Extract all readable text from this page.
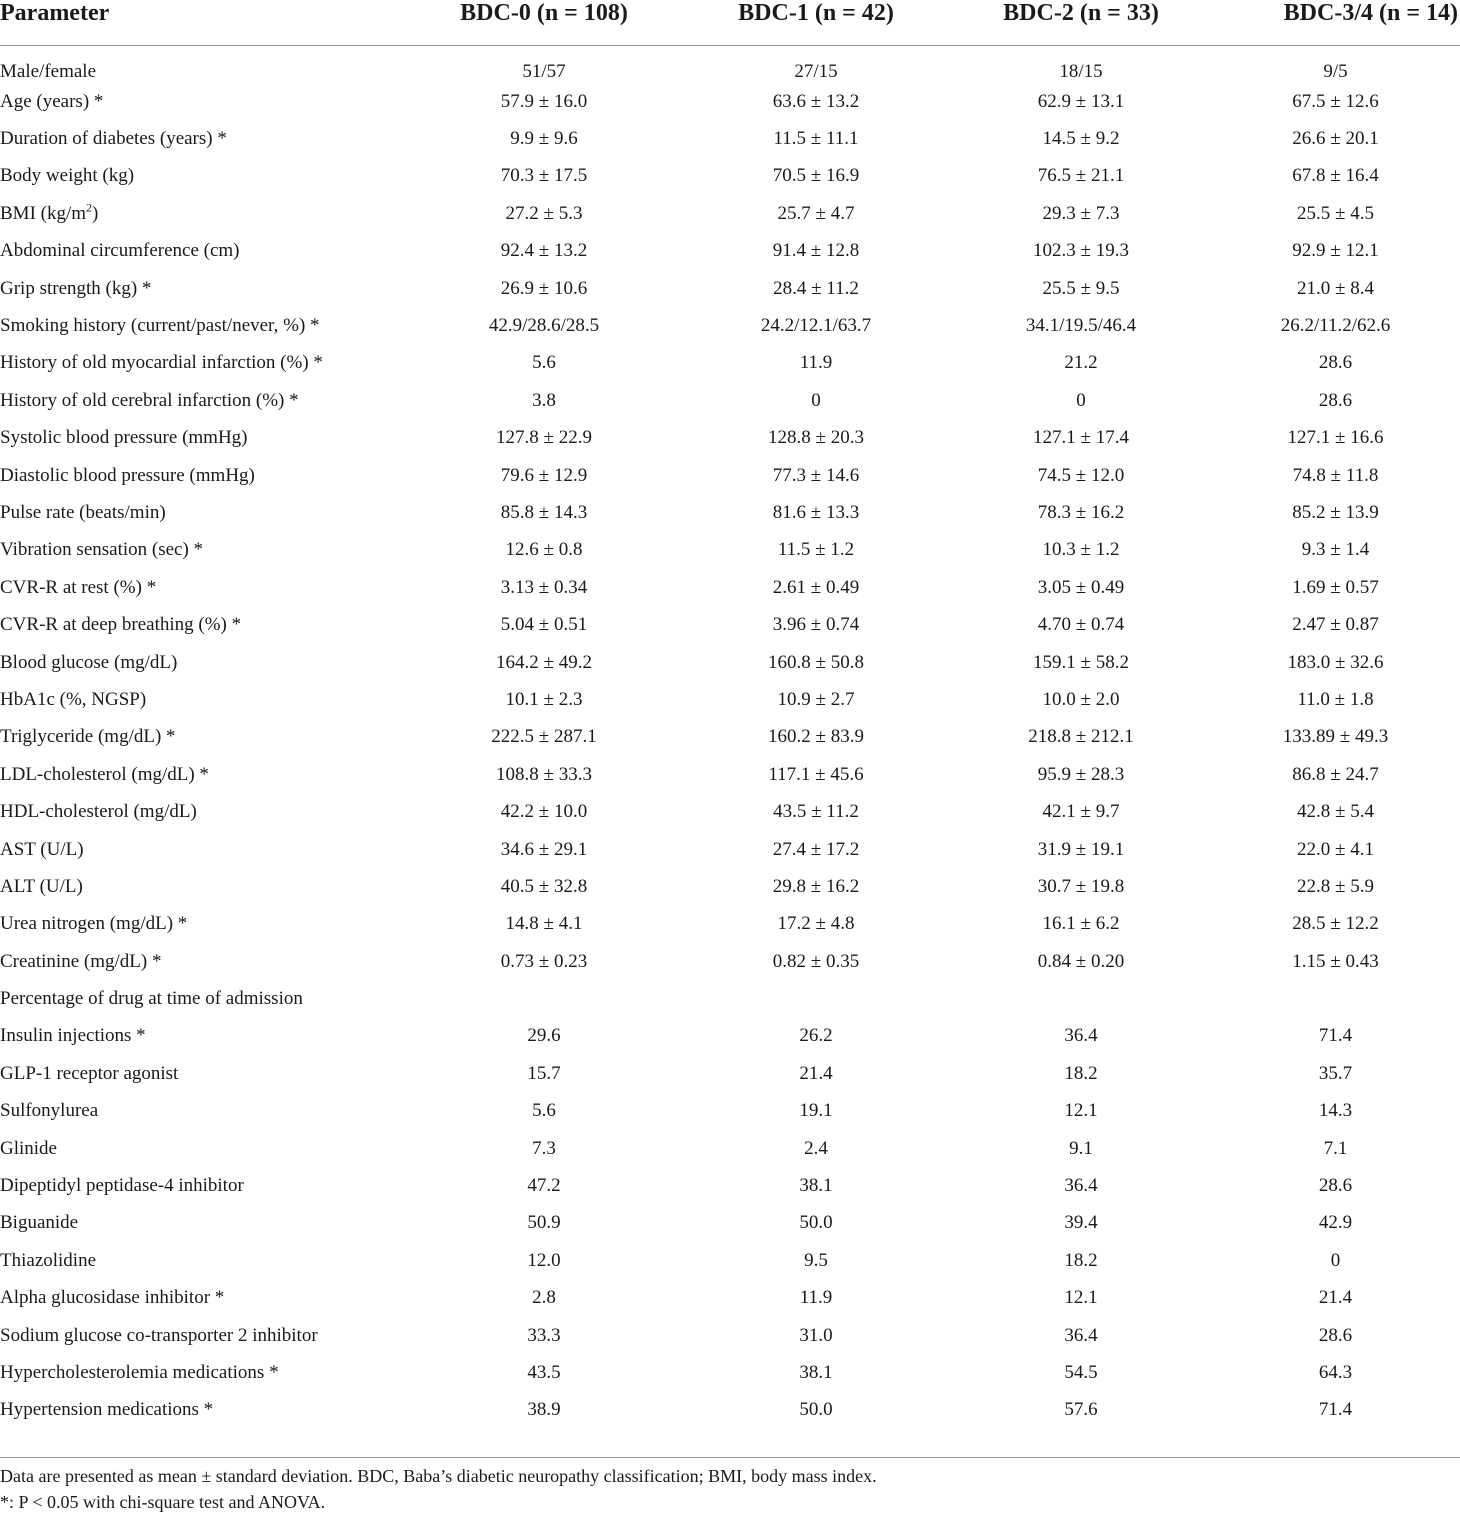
Parameter	BDC-0 (n = 108)	BDC-1 (n = 42)	BDC-2 (n = 33)	BDC-3/4 (n = 14)
Male/female	51/57	27/15	18/15	9/5
Age (years) *	57.9 ± 16.0	63.6 ± 13.2	62.9 ± 13.1	67.5 ± 12.6
Duration of diabetes (years) *	9.9 ± 9.6	11.5 ± 11.1	14.5 ± 9.2	26.6 ± 20.1
Body weight (kg)	70.3 ± 17.5	70.5 ± 16.9	76.5 ± 21.1	67.8 ± 16.4
BMI $(kg/m^2)$	27.2 ± 5.3	25.7 ± 4.7	29.3 ± 7.3	25.5 ± 4.5
Abdominal circumference (cm)	92.4 ± 13.2	91.4 ± 12.8	102.3 ± 19.3	92.9 ± 12.1
Grip strength (kg) *	26.9 ± 10.6	28.4 ± 11.2	25.5 ± 9.5	21.0 ± 8.4
Smoking history (current/past/never, %) *	42.9/28.6/28.5	24.2/12.1/63.7	34.1/19.5/46.4	26.2/11.2/62.6
History of old myocardial infarction (%) *	5.6	11.9	21.2	28.6
History of old cerebral infarction (%) *	3.8	0	0	28.6
Systolic blood pressure (mmHg)	127.8 ± 22.9	128.8 ± 20.3	127.1 ± 17.4	127.1 ± 16.6
Diastolic blood pressure (mmHg)	79.6 ± 12.9	77.3 ± 14.6	74.5 ± 12.0	74.8 ± 11.8
Pulse rate (beats/min)	85.8 ± 14.3	81.6 ± 13.3	78.3 ± 16.2	85.2 ± 13.9
Vibration sensation (sec) *	12.6 ± 0.8	11.5 ± 1.2	10.3 ± 1.2	9.3 ± 1.4
CVR-R at rest (%) *	3.13 ± 0.34	2.61 ± 0.49	3.05 ± 0.49	1.69 ± 0.57
CVR-R at deep breathing (%) *	5.04 ± 0.51	3.96 ± 0.74	4.70 ± 0.74	2.47 ± 0.87
Blood glucose (mg/dL)	164.2 ± 49.2	160.8 ± 50.8	159.1 ± 58.2	183.0 ± 32.6
HbA1c (%, NGSP)	10.1 ± 2.3	10.9 ± 2.7	10.0 ± 2.0	11.0 ± 1.8
Triglyceride (mg/dL) *	222.5 ± 287.1	160.2 ± 83.9	218.8 ± 212.1	133.89 ± 49.3
LDL-cholesterol (mg/dL) *	108.8 ± 33.3	117.1 ± 45.6	95.9 ± 28.3	86.8 ± 24.7
HDL-cholesterol (mg/dL)	42.2 ± 10.0	43.5 ± 11.2	42.1 ± 9.7	42.8 ± 5.4
AST (U/L)	34.6 ± 29.1	27.4 ± 17.2	31.9 ± 19.1	22.0 ± 4.1
ALT (U/L)	40.5 ± 32.8	29.8 ± 16.2	30.7 ± 19.8	22.8 ± 5.9
Urea nitrogen (mg/dL) *	14.8 ± 4.1	17.2 ± 4.8	16.1 ± 6.2	28.5 ± 12.2
Creatinine (mg/dL) *	0.73 ± 0.23	0.82 ± 0.35	0.84 ± 0.20	1.15 ± 0.43
Percentage of drug at time of admission				
Insulin injections *	29.6	26.2	36.4	71.4
GLP-1 receptor agonist	15.7	21.4	18.2	35.7
Sulfonylurea	5.6	19.1	12.1	14.3
Glinide	7.3	2.4	9.1	7.1
Dipeptidyl peptidase-4 inhibitor	47.2	38.1	36.4	28.6
Biguanide	50.9	50.0	39.4	42.9
Thiazolidine	12.0	9.5	18.2	0
Alpha glucosidase inhibitor *	2.8	11.9	12.1	21.4
Sodium glucose co-transporter 2 inhibitor	33.3	31.0	36.4	28.6
Hypercholesterolemia medications *	43.5	38.1	54.5	64.3
Hypertension medications *	38.9	50.0	57.6	71.4
Data are presented as mean ± standard deviation. BDC, Baba’s diabetic neuropathy classification; BMI, body mass index.
*: P < 0.05 with chi-square test and ANOVA.
